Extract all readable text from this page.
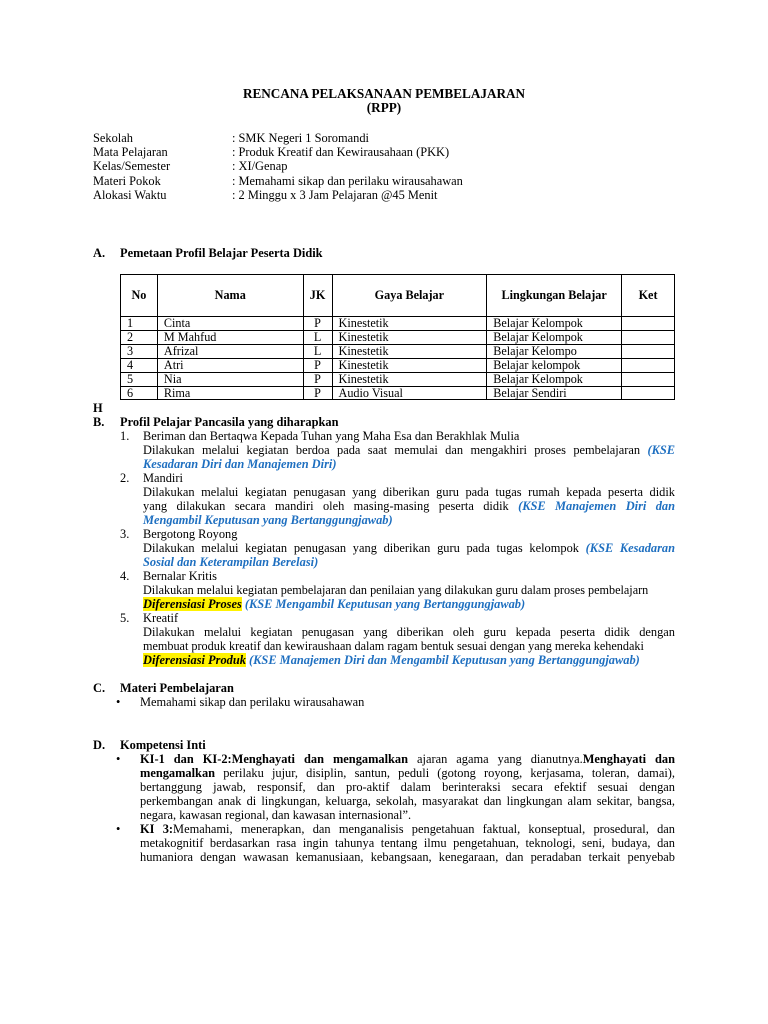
RENCANA PELAKSANAAN PEMBELAJARAN
(RPP)
Sekolah	: SMK Negeri 1 Soromandi
Mata Pelajaran	: Produk Kreatif dan Kewirausahaan (PKK)
Kelas/Semester	: XI/Genap
Materi Pokok	: Memahami sikap dan perilaku wirausahawan
Alokasi Waktu	: 2 Minggu x 3 Jam Pelajaran @45 Menit
A. Pemetaan Profil Belajar Peserta Didik
No	Nama	JK	Gaya Belajar	Lingkungan Belajar	Ket
1	Cinta	P	Kinestetik	Belajar Kelompok	
2	M Mahfud	L	Kinestetik	Belajar Kelompok	
3	Afrizal	L	Kinestetik	Belajar Kelompo	
4	Atri	P	Kinestetik	Belajar kelompok	
5	Nia	P	Kinestetik	Belajar Kelompok	
6	Rima	P	Audio Visual	Belajar Sendiri	
H
B. Profil Pelajar Pancasila yang diharapkan
1. Beriman dan Bertaqwa Kepada Tuhan yang Maha Esa dan Berakhlak Mulia
Dilakukan melalui kegiatan berdoa pada saat memulai dan mengakhiri proses pembelajaran (KSE
Kesadaran Diri dan Manajemen Diri)
2. Mandiri
Dilakukan melalui kegiatan penugasan yang diberikan guru pada tugas rumah kepada peserta didik
yang dilakukan secara mandiri oleh masing-masing peserta didik (KSE Manajemen Diri dan
Mengambil Keputusan yang Bertanggungjawab)
3. Bergotong Royong
Dilakukan melalui kegiatan penugasan yang diberikan guru pada tugas kelompok (KSE Kesadaran
Sosial dan Keterampilan Berelasi)
4. Bernalar Kritis
Dilakukan melalui kegiatan pembelajaran dan penilaian yang dilakukan guru dalam proses pembelajarn
Diferensiasi Proses (KSE Mengambil Keputusan yang Bertanggungjawab)
5. Kreatif
Dilakukan melalui kegiatan penugasan yang diberikan oleh guru kepada peserta didik dengan
membuat produk kreatif dan kewiraushaan dalam ragam bentuk sesuai dengan yang mereka kehendaki
Diferensiasi Produk (KSE Manajemen Diri dan Mengambil Keputusan yang Bertanggungjawab)
C. Materi Pembelajaran
• Memahami sikap dan perilaku wirausahawan
D. Kompetensi Inti
• KI-1 dan KI-2:Menghayati dan mengamalkan ajaran agama yang dianutnya.Menghayati dan
mengamalkan perilaku jujur, disiplin, santun, peduli (gotong royong, kerjasama, toleran, damai),
bertanggung jawab, responsif, dan pro-aktif dalam berinteraksi secara efektif sesuai dengan
perkembangan anak di lingkungan, keluarga, sekolah, masyarakat dan lingkungan alam sekitar, bangsa,
negara, kawasan regional, dan kawasan internasional”.
• KI 3:Memahami, menerapkan, dan menganalisis pengetahuan faktual, konseptual, prosedural, dan
metakognitif berdasarkan rasa ingin tahunya tentang ilmu pengetahuan, teknologi, seni, budaya, dan
humaniora dengan wawasan kemanusiaan, kebangsaan, kenegaraan, dan peradaban terkait penyebab
